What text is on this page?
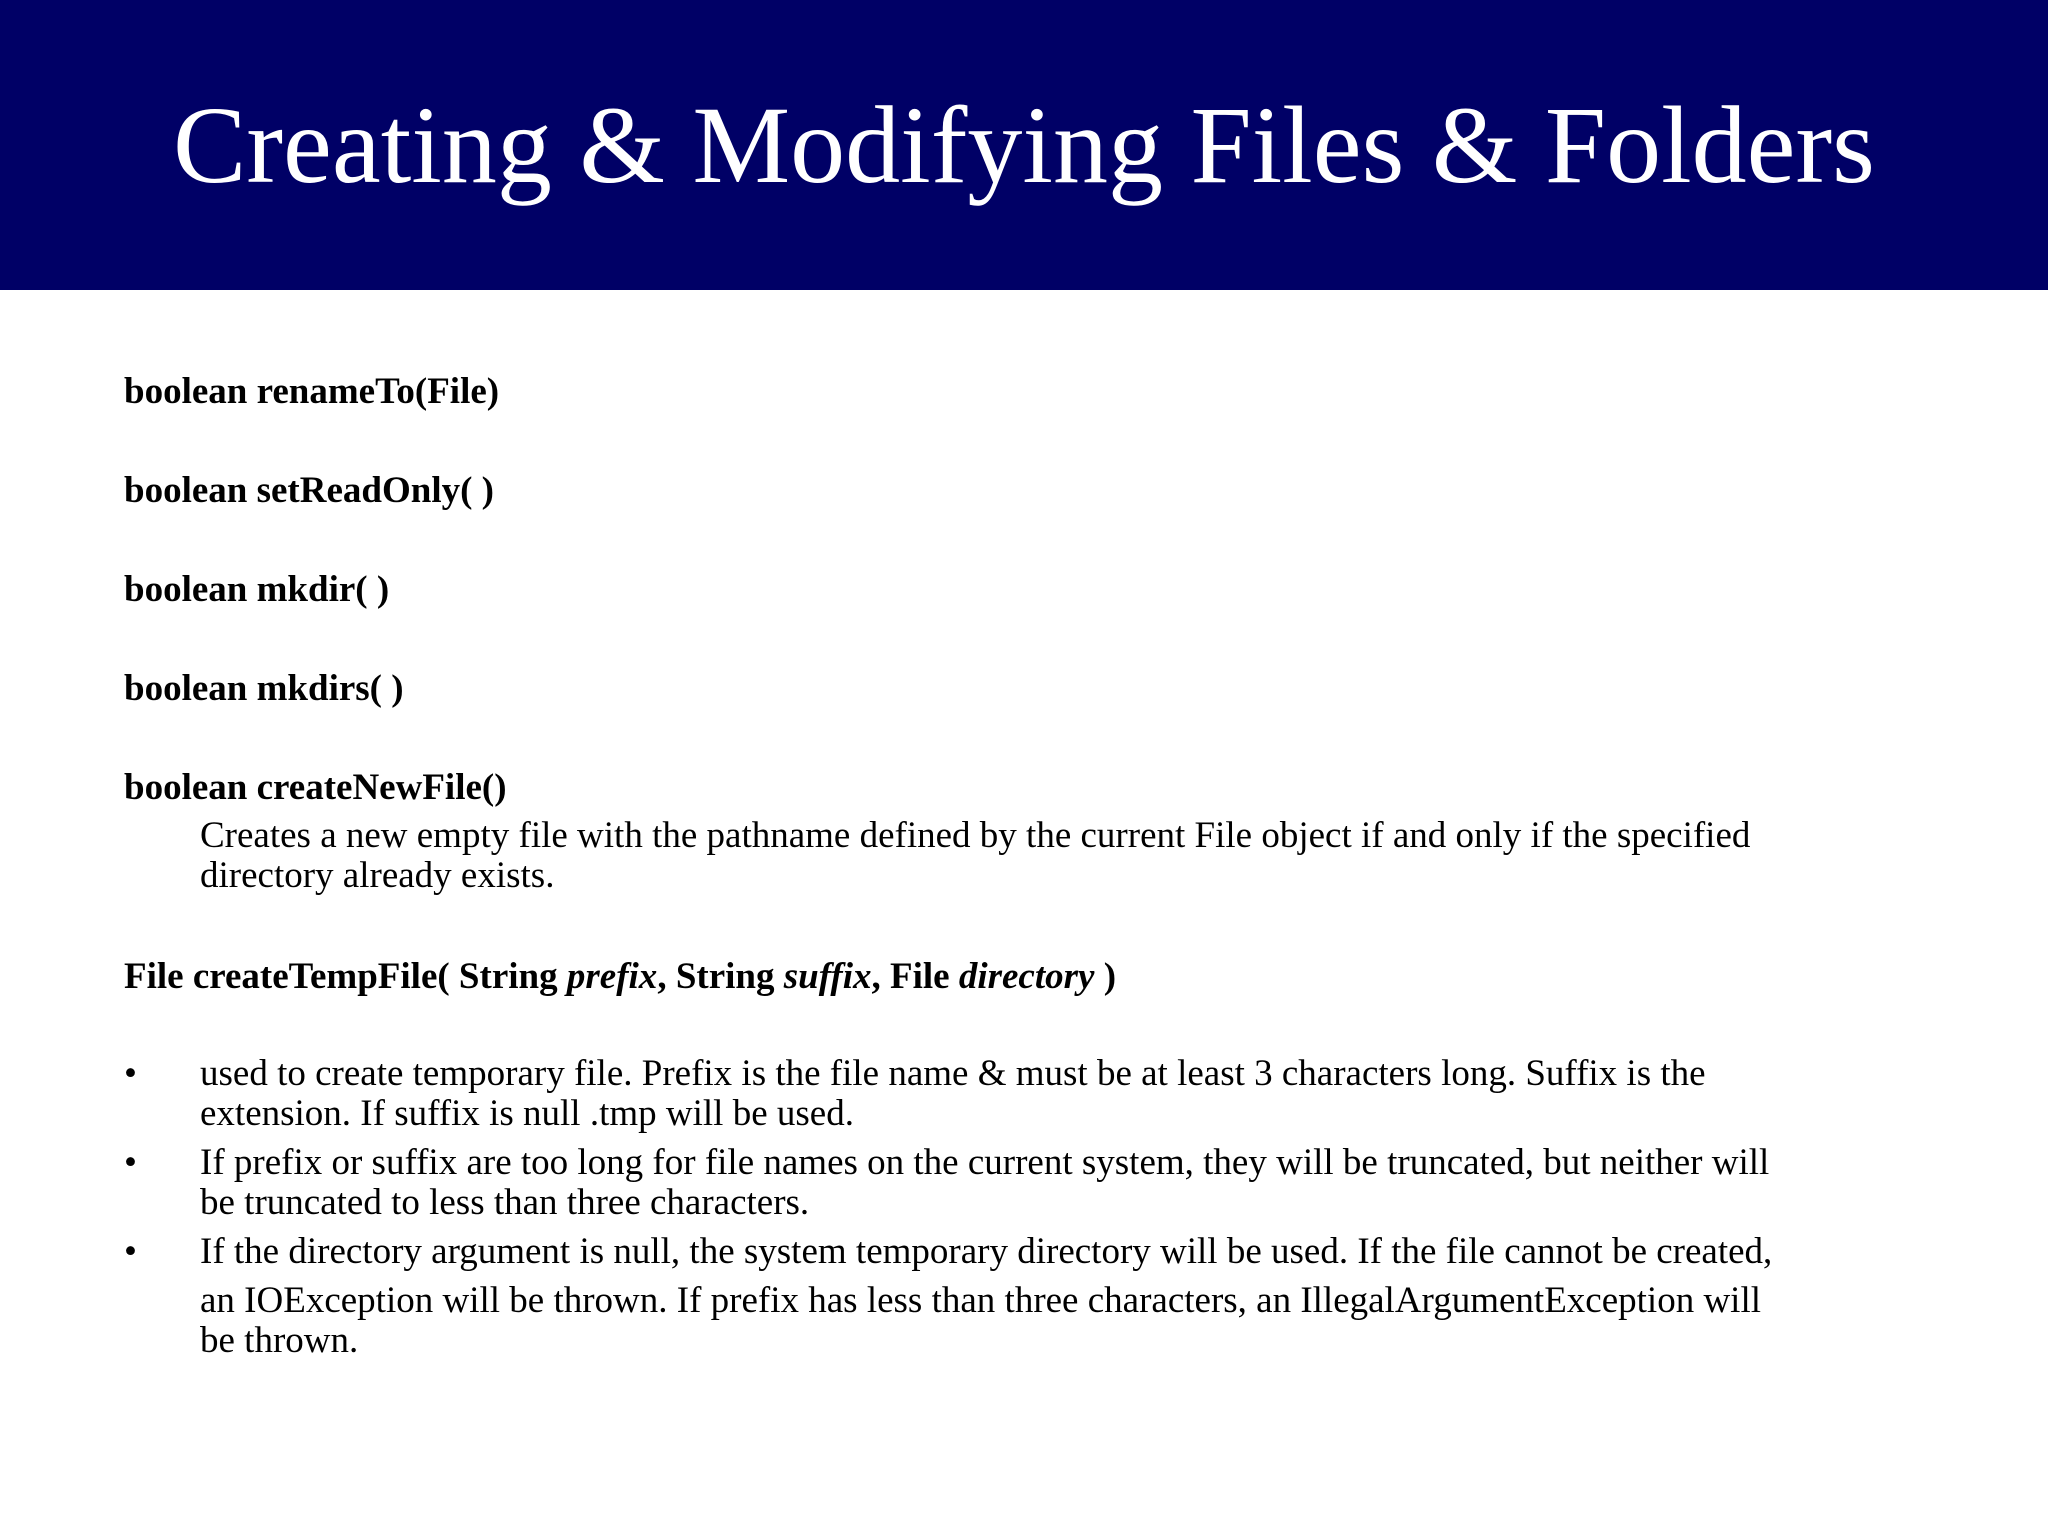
Creating & Modifying Files & Folders
boolean renameTo(File)
boolean setReadOnly( )
boolean mkdir( )
boolean mkdirs( )
boolean createNewFile()
Creates a new empty file with the pathname defined by the current File object if and only if the specified
directory already exists.
File createTempFile( String prefix, String suffix, File directory )
•	used to create temporary file. Prefix is the file name & must be at least 3 characters long. Suffix is the
extension. If suffix is null .tmp will be used.
•	If prefix or suffix are too long for file names on the current system, they will be truncated, but neither will
be truncated to less than three characters.
•	If the directory argument is null, the system temporary directory will be used. If the file cannot be created,
an IOException will be thrown. If prefix has less than three characters, an IllegalArgumentException will
be thrown.
